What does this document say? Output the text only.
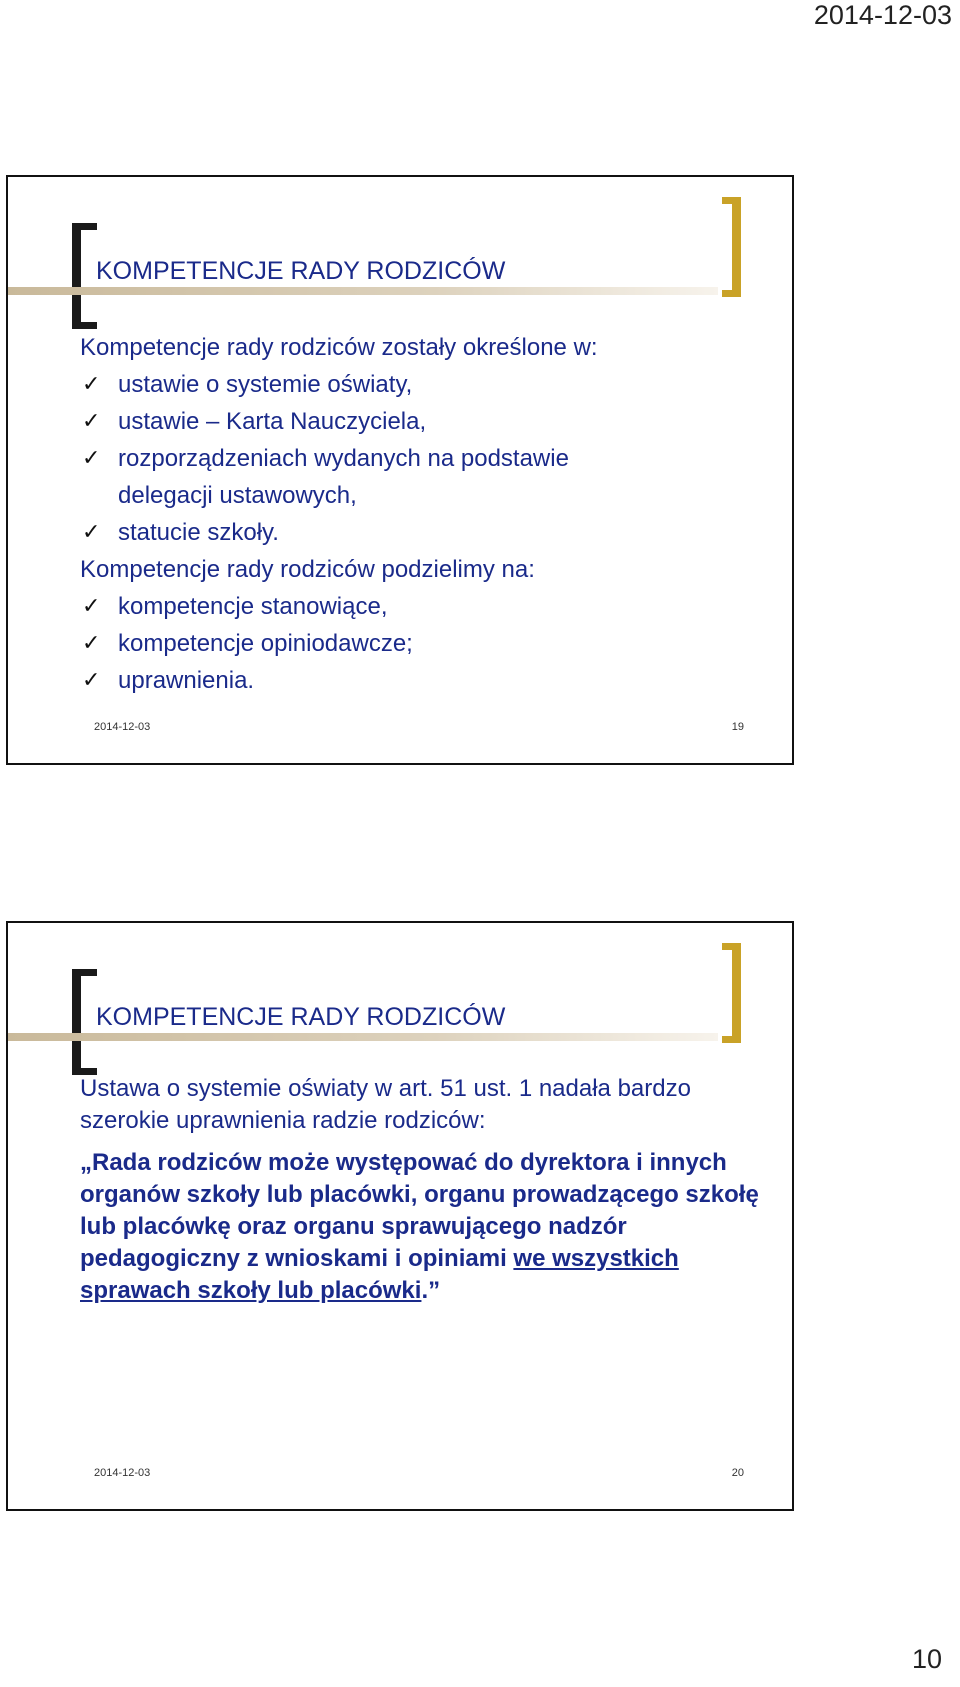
2014-12-03
KOMPETENCJE RADY RODZICÓW

Kompetencje rady rodziców zostały określone w:

✓ ustawie o systemie oświaty,
✓ ustawie – Karta Nauczyciela,
✓ rozporządzeniach wydanych na podstawie delegacji ustawowych,
✓ statucie szkoły.

Kompetencje rady rodziców podzielimy na:

✓ kompetencje stanowiące,
✓ kompetencje opiniodawcze;
✓ uprawnienia.
2014-12-03	19
KOMPETENCJE RADY RODZICÓW

Ustawa o systemie oświaty w art. 51 ust. 1 nadała bardzo szerokie uprawnienia radzie rodziców:

„Rada rodziców może występować do dyrektora i innych organów szkoły lub placówki, organu prowadzącego szkołę lub placówkę oraz organu sprawującego nadzór pedagogiczny z wnioskami i opiniami we wszystkich sprawach szkoły lub placówki.”

2014-12-03	20
10
